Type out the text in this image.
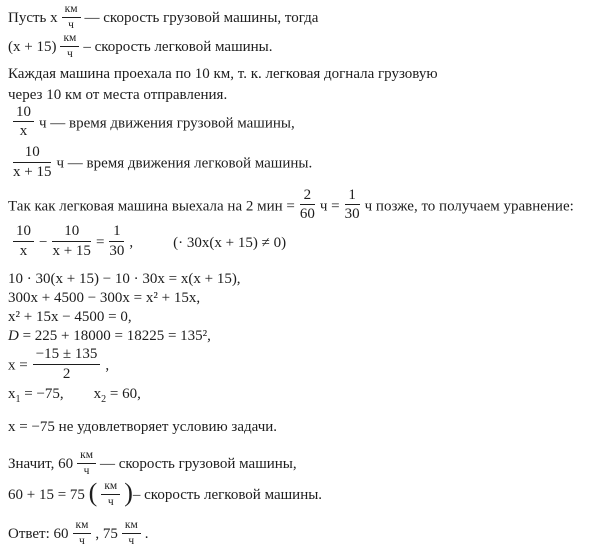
Пусть x $\frac{км}{ч}$ — скорость грузовой машины, тогда
$(x + 15) \frac{км}{ч}$ – скорость легковой машины.
Каждая машина проехала по 10 км, т. к. легковая догнала грузовую
через 10 км от места отправления.
$\frac{10}{x}$ ч — время движения грузовой машины,
$\frac{10}{x + 15}$ ч — время движения легковой машины.
Так как легковая машина выехала на 2 мин = $\frac{2}{60}$ $ч = \frac{1}{30}$ ч позже, то получаем уравнение:
$\frac{10}{x} - \frac{10}{x + 15} = \frac{1}{30}$ ,	(· 30x(x + 15) ≠ 0)
10 · 30(x + 15) − 10 · 30x = x(x + 15),
300x + 4500 − 300x = x² + 15x,
x² + 15x − 4500 = 0,
D = 225 + 18000 = 18225 = 135²,
$x = \frac{-15 \pm 135}{2}$ ,
$x_1 = -75$, $x_2 = 60$,
x = −75 не удовлетворяет условию задачи.
Значит, $60 \frac{км}{ч}$ — скорость грузовой машины,
60 + 15 = 75 ( $\frac{км}{ч}$ )– скорость легковой машины.
Ответ: $60 \frac{км}{ч}$ , $75 \frac{км}{ч}$ .
